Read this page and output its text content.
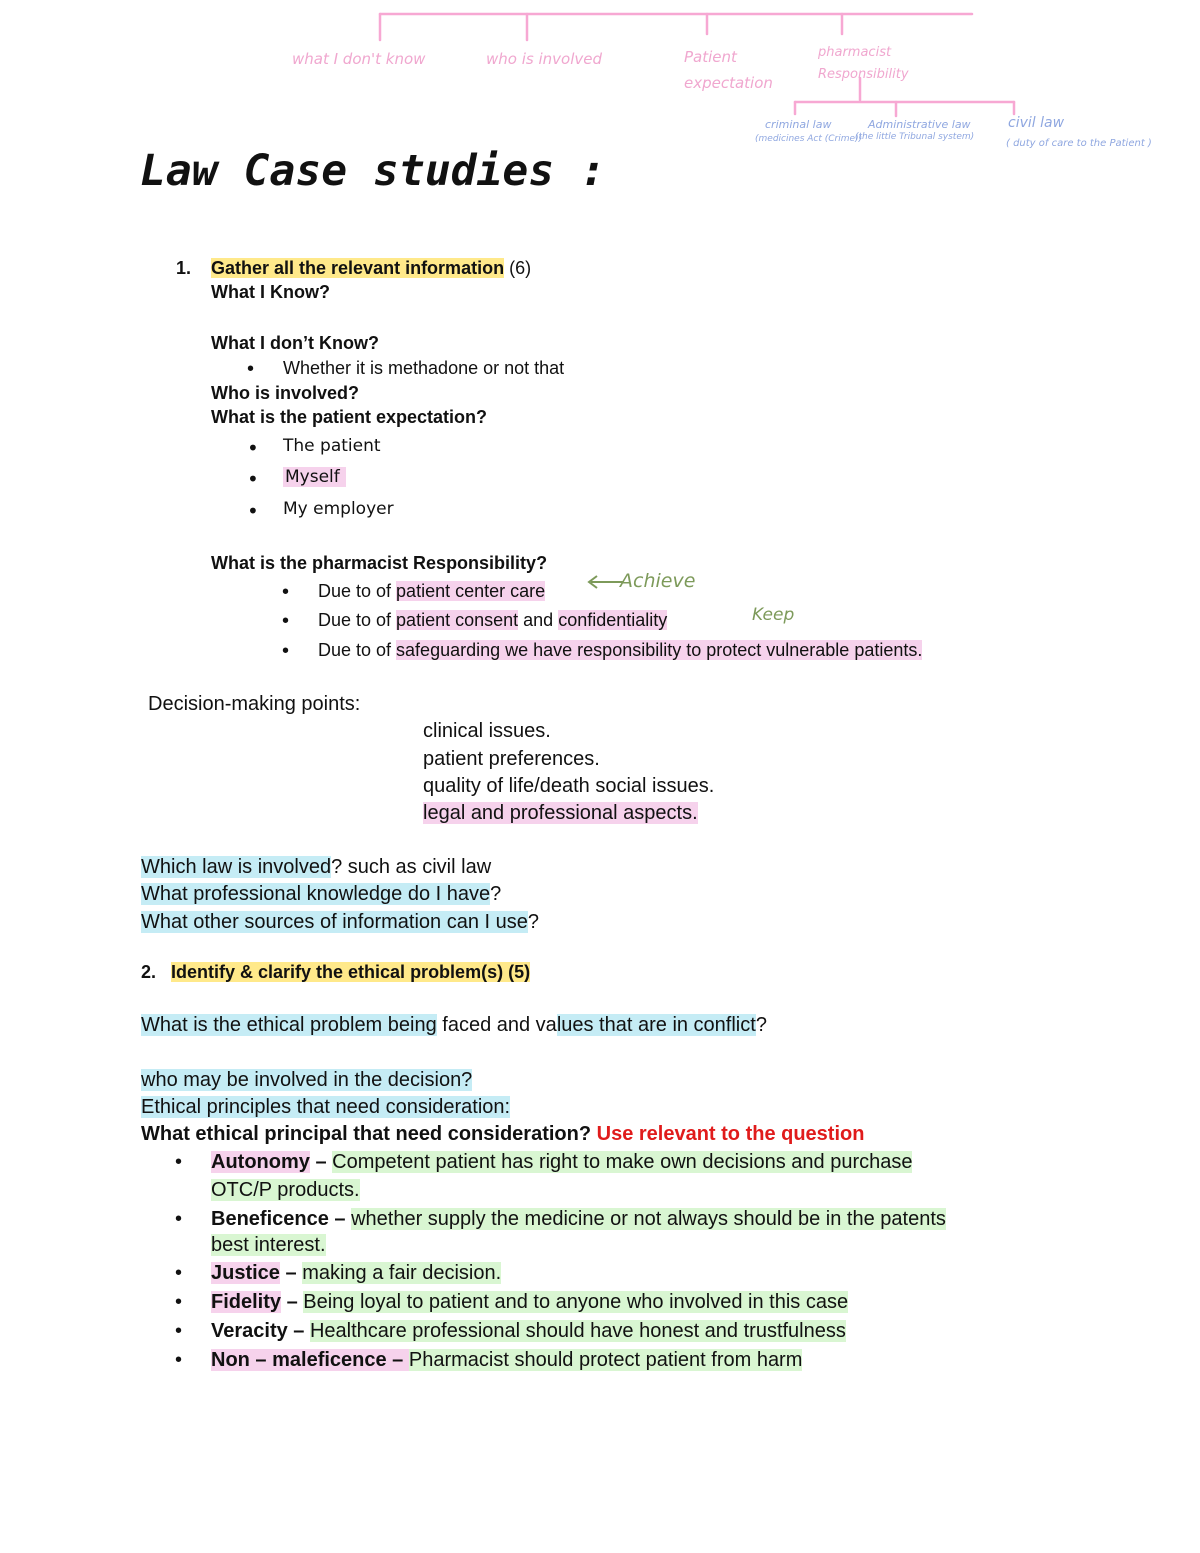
what I don't know	who is involved	Patient expectation
pharmacist Responsibility
criminal law
(medicines Act (Crime))
Administrative law
(the little Tribunal system)
civil law
( duty of care to the Patient )
Law Case studies :
1. Gather all the relevant information (6)
What I Know?
What I don’t Know?
• Whether it is methadone or not that
Who is involved?
What is the patient expectation?
• The patient
• Myself
• My employer
What is the pharmacist Responsibility?
• Due to of patient center care	Achieve
• Due to of patient consent and confidentiality	Keep
• Due to of safeguarding we have responsibility to protect vulnerable patients.
Decision-making points:
clinical issues.
patient preferences.
quality of life/death social issues.
legal and professional aspects.
Which law is involved? such as civil law
What professional knowledge do I have?
What other sources of information can I use?
2. Identify & clarify the ethical problem(s) (5)
What is the ethical problem being faced and values that are in conflict?
who may be involved in the decision?
Ethical principles that need consideration:
What ethical principal that need consideration? Use relevant to the question
• Autonomy – Competent patient has right to make own decisions and purchase
OTC/P products.
• Beneficence – whether supply the medicine or not always should be in the patents
best interest.
• Justice – making a fair decision.
• Fidelity – Being loyal to patient and to anyone who involved in this case
• Veracity – Healthcare professional should have honest and trustfulness
• Non – maleficence – Pharmacist should protect patient from harm
